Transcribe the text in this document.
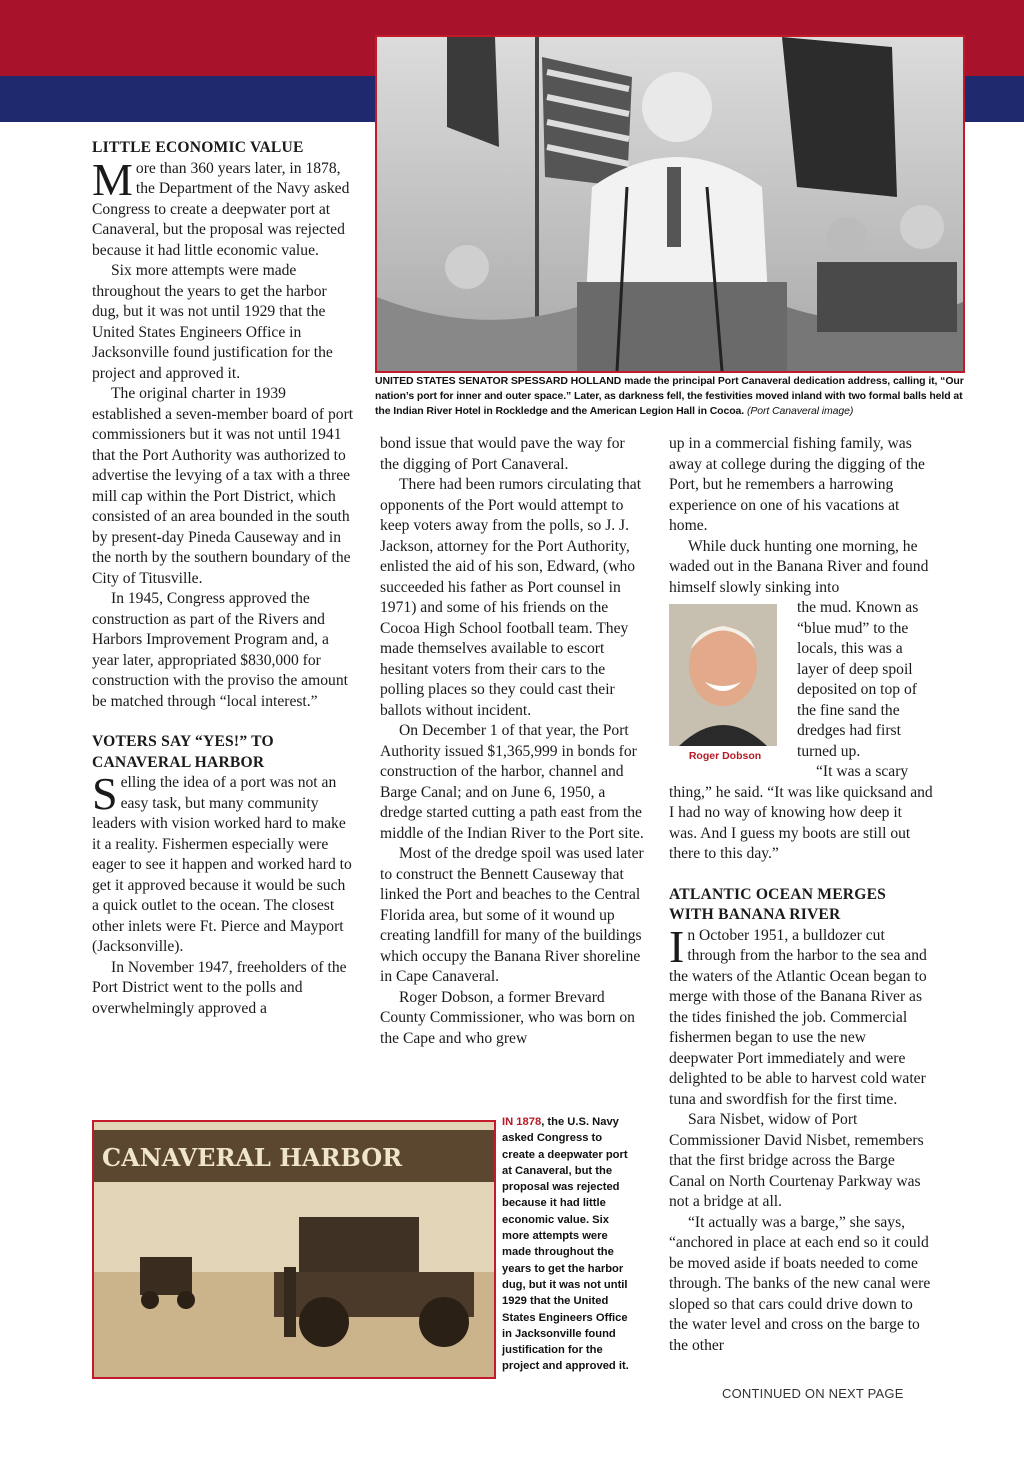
UNITED STATES SENATOR SPESSARD HOLLAND made the principal Port Canaveral dedication address, calling it, “Our nation’s port for inner and outer space.” Later, as darkness fell, the festivities moved inland with two formal balls held at the Indian River Hotel in Rockledge and the American Legion Hall in Cocoa. (Port Canaveral image)
LITTLE ECONOMIC VALUE

More than 360 years later, in 1878, the Department of the Navy asked Congress to create a deepwater port at Canaveral, but the proposal was rejected because it had little economic value.

Six more attempts were made throughout the years to get the harbor dug, but it was not until 1929 that the United States Engineers Office in Jacksonville found justification for the project and approved it.

The original charter in 1939 established a seven-member board of port commissioners but it was not until 1941 that the Port Authority was authorized to advertise the levying of a tax with a three mill cap within the Port District, which consisted of an area bounded in the south by present-day Pineda Causeway and in the north by the southern boundary of the City of Titusville.

In 1945, Congress approved the construction as part of the Rivers and Harbors Improvement Program and, a year later, appropriated $830,000 for construction with the proviso the amount be matched through “local interest.”

VOTERS SAY “YES!” TO CANAVERAL HARBOR

Selling the idea of a port was not an easy task, but many community leaders with vision worked hard to make it a reality. Fishermen especially were eager to see it happen and worked hard to get it approved because it would be such a quick outlet to the ocean. The closest other inlets were Ft. Pierce and Mayport (Jacksonville).

In November 1947, freeholders of the Port District went to the polls and overwhelmingly approved a

bond issue that would pave the way for the digging of Port Canaveral.

There had been rumors circulating that opponents of the Port would attempt to keep voters away from the polls, so J. J. Jackson, attorney for the Port Authority, enlisted the aid of his son, Edward, (who succeeded his father as Port counsel in 1971) and some of his friends on the Cocoa High School football team. They made themselves available to escort hesitant voters from their cars to the polling places so they could cast their ballots without incident.

On December 1 of that year, the Port Authority issued $1,365,999 in bonds for construction of the harbor, channel and Barge Canal; and on June 6, 1950, a dredge started cutting a path east from the middle of the Indian River to the Port site.

Most of the dredge spoil was used later to construct the Bennett Causeway that linked the Port and beaches to the Central Florida area, but some of it wound up creating landfill for many of the buildings which occupy the Banana River shoreline in Cape Canaveral.

Roger Dobson, a former Brevard County Commissioner, who was born on the Cape and who grew

up in a commercial fishing family, was away at college during the digging of the Port, but he remembers a harrowing experience on one of his vacations at home.

While duck hunting one morning, he waded out in the Banana River and found himself slowly sinking into

the mud. Known as “blue mud” to the locals, this was a layer of deep spoil deposited on top of the fine sand the dredges had first turned up.

“It was a scary thing,” he said. “It was like quicksand and I had no way of knowing how deep it was. And I guess my boots are still out there to this day.”

ATLANTIC OCEAN MERGES WITH BANANA RIVER

In October 1951, a bulldozer cut through from the harbor to the sea and the waters of the Atlantic Ocean began to merge with those of the Banana River as the tides finished the job. Commercial fishermen began to use the new deepwater Port immediately and were delighted to be able to harvest cold water tuna and swordfish for the first time.

Sara Nisbet, widow of Port Commissioner David Nisbet, remembers that the first bridge across the Barge Canal on North Courtenay Parkway was not a bridge at all.

“It actually was a barge,” she says, “anchored in place at each end so it could be moved aside if boats needed to come through. The banks of the new canal were sloped so that cars could drive down to the water level and cross on the barge to the other

Roger Dobson
CANAVERAL HARBOR
IN 1878, the U.S. Navy asked Congress to create a deepwater port at Canaveral, but the proposal was rejected because it had little economic value. Six more attempts were made throughout the years to get the harbor dug, but it was not until 1929 that the United States Engineers Office in Jacksonville found justification for the project and approved it.
CONTINUED ON NEXT PAGE
